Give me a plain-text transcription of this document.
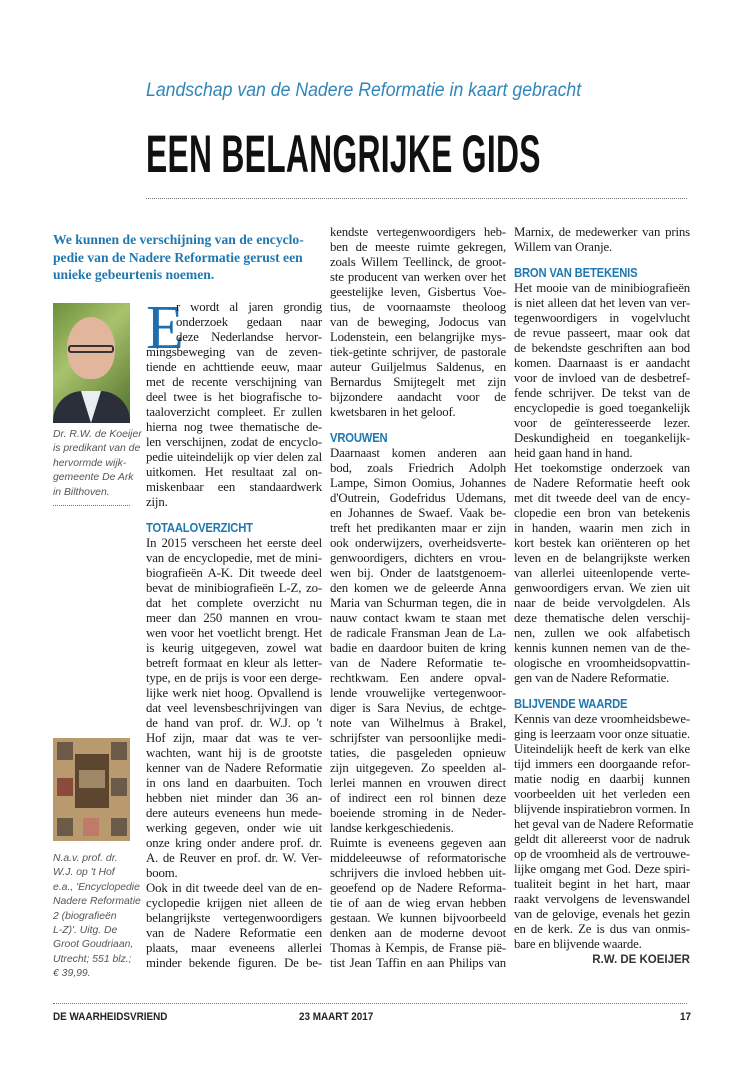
Landschap van de Nadere Reformatie in kaart gebracht
EEN BELANGRIJKE GIDS
We kunnen de verschijning van de encyclo-
pedie van de Nadere Reformatie gerust een
unieke gebeurtenis noemen.
Dr. R.W. de Koeijer
is predikant van de
hervormde wijk-
gemeente De Ark
in Bilthoven.
N.a.v. prof. dr.
W.J. op 't Hof
e.a., 'Encyclopedie
Nadere Reformatie
2 (biografieën
L-Z)'. Uitg. De
Groot Goudriaan,
Utrecht; 551 blz.;
€ 39,99.
E
r wordt al jaren grondig
onderzoek gedaan naar
deze Nederlandse hervor-
mingsbeweging van de zeven-
tiende en achttiende eeuw, maar
met de recente verschijning van
deel twee is het biografische to-
taaloverzicht compleet. Er zullen
hierna nog twee thematische de-
len verschijnen, zodat de encyclo-
pedie uiteindelijk op vier delen zal
uitkomen. Het resultaat zal on-
miskenbaar een standaardwerk
zijn.
TOTAALOVERZICHT
In 2015 verscheen het eerste deel
van de encyclopedie, met de mini-
biografieën A-K. Dit tweede deel
bevat de minibiografieën L-Z, zo-
dat het complete overzicht nu
meer dan 250 mannen en vrou-
wen voor het voetlicht brengt. Het
is keurig uitgegeven, zowel wat
betreft formaat en kleur als letter-
type, en de prijs is voor een derge-
lijke werk niet hoog. Opvallend is
dat veel levensbeschrijvingen van
de hand van prof. dr. W.J. op 't
Hof zijn, maar dat was te ver-
wachten, want hij is de grootste
kenner van de Nadere Reformatie
in ons land en daarbuiten. Toch
hebben niet minder dan 36 an-
dere auteurs eveneens hun mede-
werking gegeven, onder wie uit
onze kring onder andere prof. dr.
A. de Reuver en prof. dr. W. Ver-
boom.
Ook in dit tweede deel van de en-
cyclopedie krijgen niet alleen de
belangrijkste vertegenwoordigers
van de Nadere Reformatie een
plaats, maar eveneens allerlei
minder bekende figuren. De be-
kendste vertegenwoordigers heb-
ben de meeste ruimte gekregen,
zoals Willem Teellinck, de groot-
ste producent van werken over het
geestelijke leven, Gisbertus Voe-
tius, de voornaamste theoloog
van de beweging, Jodocus van
Lodenstein, een belangrijke mys-
tiek-getinte schrijver, de pastorale
auteur Guiljelmus Saldenus, en
Bernardus Smijtegelt met zijn
bijzondere aandacht voor de
kwetsbaren in het geloof.
VROUWEN
Daarnaast komen anderen aan
bod, zoals Friedrich Adolph
Lampe, Simon Oomius, Johannes
d'Outrein, Godefridus Udemans,
en Johannes de Swaef. Vaak be-
treft het predikanten maar er zijn
ook onderwijzers, overheidsverte-
genwoordigers, dichters en vrou-
wen bij. Onder de laatstgenoem-
den komen we de geleerde Anna
Maria van Schurman tegen, die in
nauw contact kwam te staan met
de radicale Fransman Jean de La-
badie en daardoor buiten de kring
van de Nadere Reformatie te-
rechtkwam. Een andere opval-
lende vrouwelijke vertegenwoor-
diger is Sara Nevius, de echtge-
note van Wilhelmus à Brakel,
schrijfster van persoonlijke medi-
taties, die pasgeleden opnieuw
zijn uitgegeven. Zo speelden al-
lerlei mannen en vrouwen direct
of indirect een rol binnen deze
boeiende stroming in de Neder-
landse kerkgeschiedenis.
Ruimte is eveneens gegeven aan
middeleeuwse of reformatorische
schrijvers die invloed hebben uit-
geoefend op de Nadere Reforma-
tie of aan de wieg ervan hebben
gestaan. We kunnen bijvoorbeeld
denken aan de moderne devoot
Thomas à Kempis, de Franse pië-
tist Jean Taffin en aan Philips van
Marnix, de medewerker van prins
Willem van Oranje.
BRON VAN BETEKENIS
Het mooie van de minibiografieën
is niet alleen dat het leven van ver-
tegenwoordigers in vogelvlucht
de revue passeert, maar ook dat
de bekendste geschriften aan bod
komen. Daarnaast is er aandacht
voor de invloed van de desbetref-
fende schrijver. De tekst van de
encyclopedie is goed toegankelijk
voor de geïnteresseerde lezer.
Deskundigheid en toegankelijk-
heid gaan hand in hand.
Het toekomstige onderzoek van
de Nadere Reformatie heeft ook
met dit tweede deel van de ency-
clopedie een bron van betekenis
in handen, waarin men zich in
kort bestek kan oriënteren op het
leven en de belangrijkste werken
van allerlei uiteenlopende verte-
genwoordigers ervan. We zien uit
naar de beide vervolgdelen. Als
deze thematische delen verschij-
nen, zullen we ook alfabetisch
kennis kunnen nemen van de the-
ologische en vroomheidsopvattin-
gen van de Nadere Reformatie.
BLIJVENDE WAARDE
Kennis van deze vroomheidsbewe-
ging is leerzaam voor onze situatie.
Uiteindelijk heeft de kerk van elke
tijd immers een doorgaande refor-
matie nodig en daarbij kunnen
voorbeelden uit het verleden een
blijvende inspiratiebron vormen. In
het geval van de Nadere Reformatie
geldt dit allereerst voor de nadruk
op de vroomheid als de vertrouwe-
lijke omgang met God. Deze spiri-
tualiteit begint in het hart, maar
raakt vervolgens de levenswandel
van de gelovige, evenals het gezin
en de kerk. Ze is dus van onmis-
bare en blijvende waarde.
R.W. DE KOEIJER
DE WAARHEIDSVRIEND	23 MAART 2017	17
